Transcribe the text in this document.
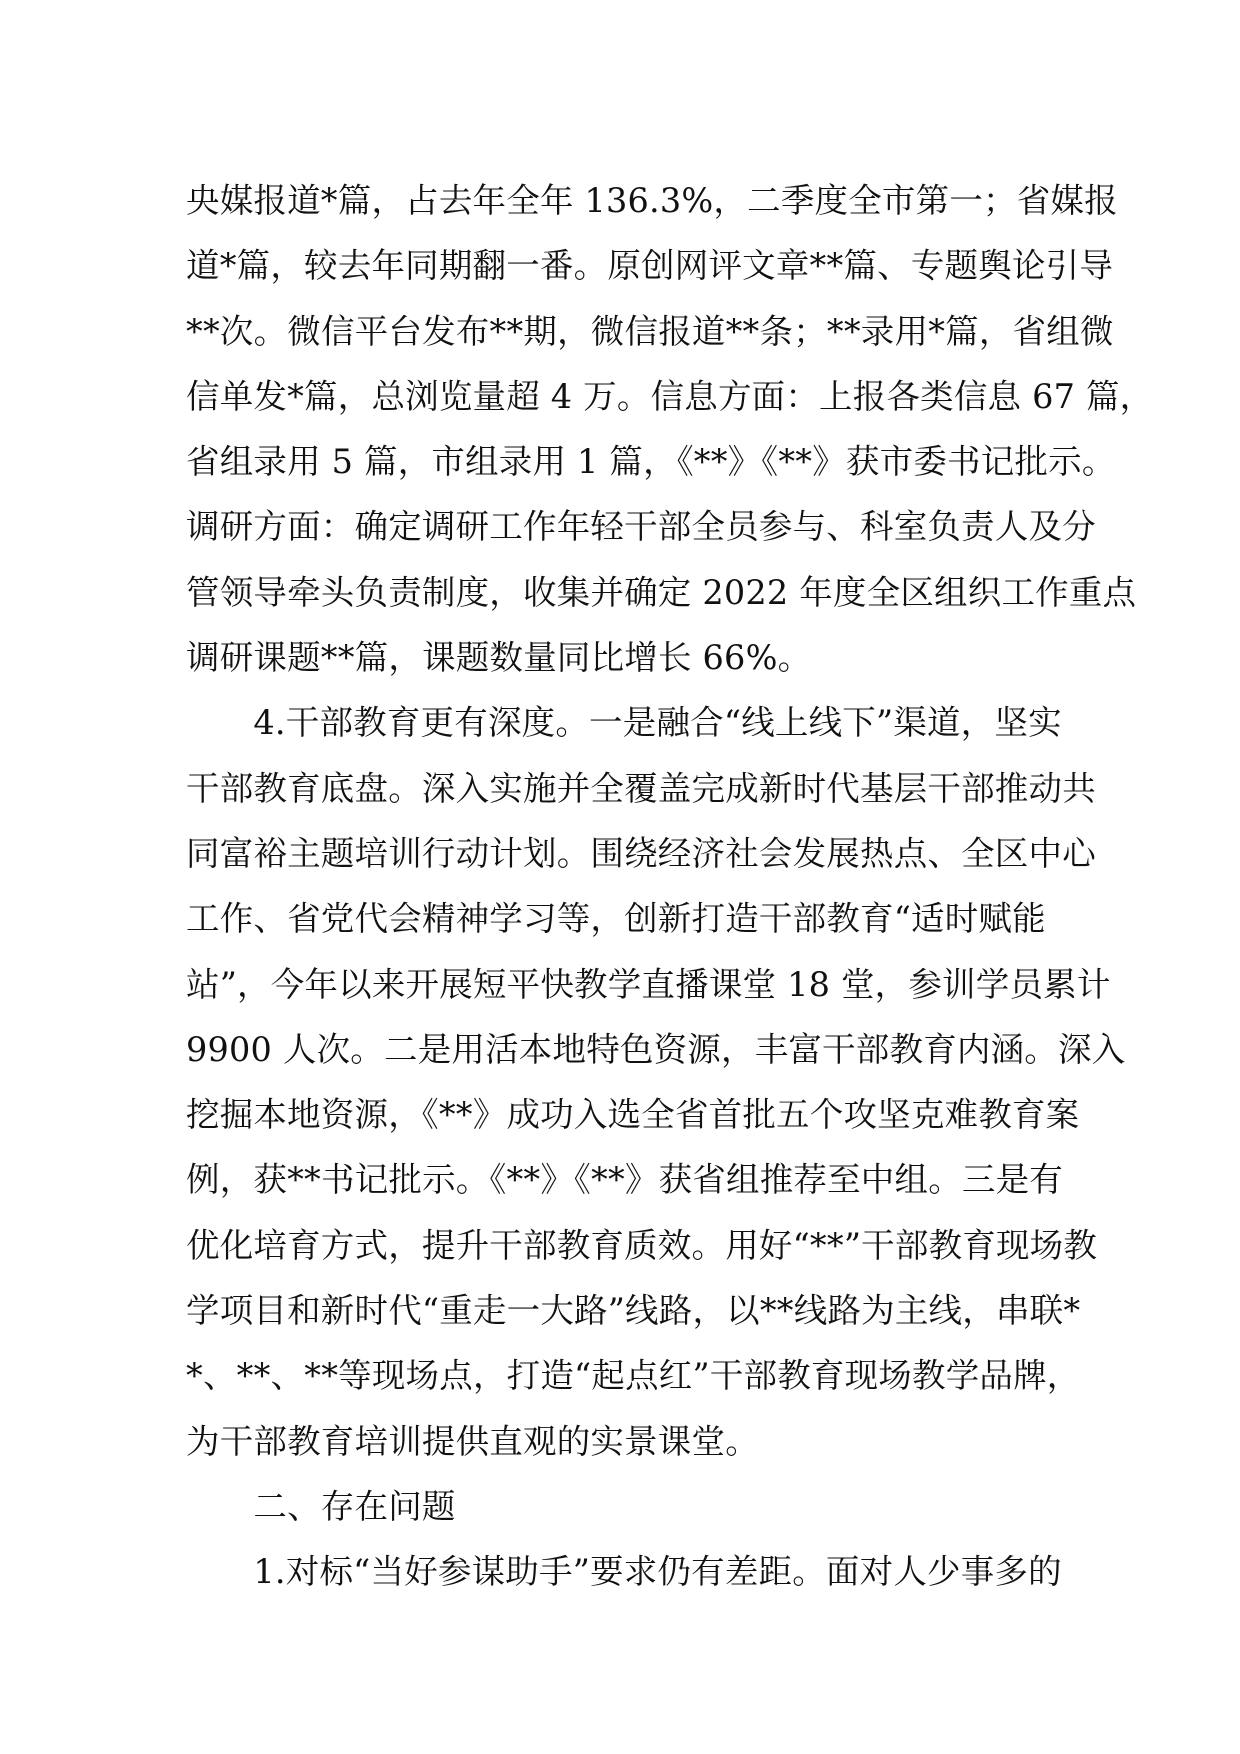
央媒报道*篇，占去年全年 136.3%，二季度全市第一；省媒报
道*篇，较去年同期翻一番。原创网评文章**篇、专题舆论引导
**次。微信平台发布**期，微信报道**条；**录用*篇，省组微
信单发*篇，总浏览量超 4 万。信息方面：上报各类信息 67 篇，
省组录用 5 篇，市组录用 1 篇，《**》《**》获市委书记批示。
调研方面：确定调研工作年轻干部全员参与、科室负责人及分
管领导牵头负责制度，收集并确定 2022 年度全区组织工作重点
调研课题**篇，课题数量同比增长 66%。
　　4.干部教育更有深度。一是融合“线上线下”渠道，坚实
干部教育底盘。深入实施并全覆盖完成新时代基层干部推动共
同富裕主题培训行动计划。围绕经济社会发展热点、全区中心
工作、省党代会精神学习等，创新打造干部教育“适时赋能
站”，今年以来开展短平快教学直播课堂 18 堂，参训学员累计
9900 人次。二是用活本地特色资源，丰富干部教育内涵。深入
挖掘本地资源，《**》成功入选全省首批五个攻坚克难教育案
例，获**书记批示。《**》《**》获省组推荐至中组。三是有
优化培育方式，提升干部教育质效。用好“**”干部教育现场教
学项目和新时代“重走一大路”线路，以**线路为主线，串联*
*、**、**等现场点，打造“起点红”干部教育现场教学品牌，
为干部教育培训提供直观的实景课堂。
　　二、存在问题
　　1.对标“当好参谋助手”要求仍有差距。面对人少事多的
